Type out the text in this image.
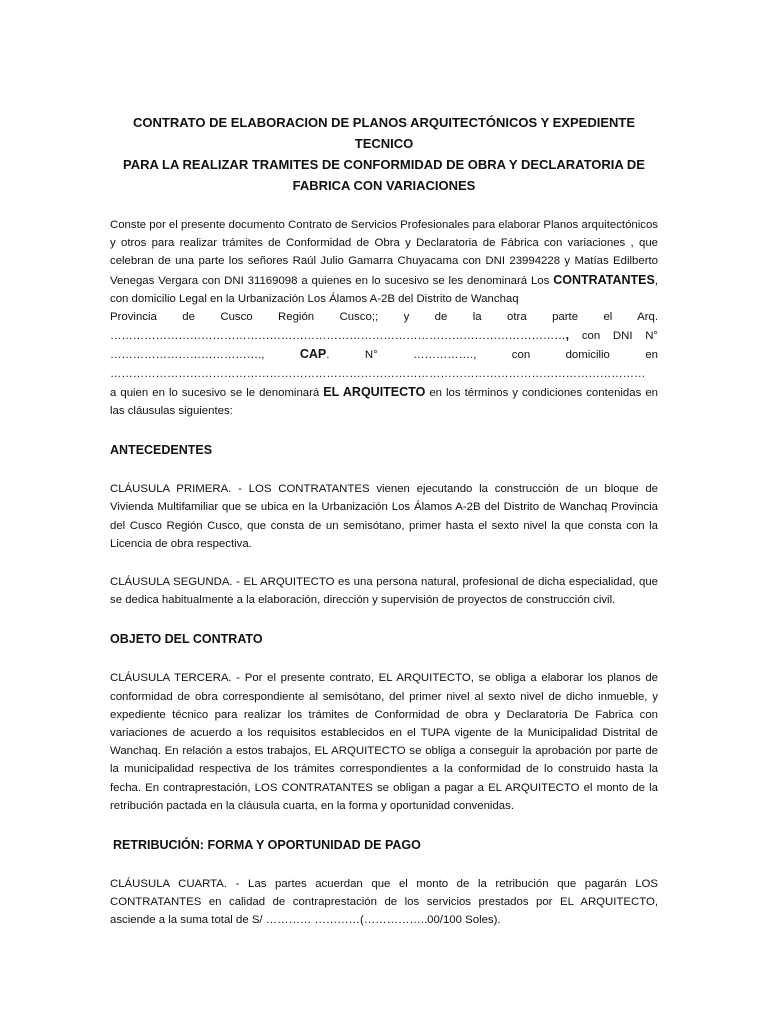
CONTRATO DE ELABORACION DE PLANOS ARQUITECTÓNICOS Y EXPEDIENTE TECNICO
PARA LA REALIZAR TRAMITES DE CONFORMIDAD DE OBRA Y DECLARATORIA DE
FABRICA CON VARIACIONES
Conste por el presente documento Contrato de Servicios Profesionales para elaborar Planos arquitectónicos y otros para realizar trámites de Conformidad de Obra y Declaratoria de Fábrica con variaciones , que celebran de una parte los señores Raúl Julio Gamarra Chuyacama con DNI 23994228 y Matías Edilberto Venegas Vergara con DNI 31169098 a quienes en lo sucesivo se les denominará Los CONTRATANTES, con domicilio Legal en la Urbanización Los Álamos A-2B del Distrito de Wanchaq
Provincia de Cusco Región Cusco;; y de la otra parte el Arq.
…………………………………………………………………………………………………………, con DNI N°
………………………………….,	CAP. N° ……………., con domicilio en
……………………………………………………………………………………………………………………………
a quien en lo sucesivo se le denominará EL ARQUITECTO en los términos y condiciones contenidas en las cláusulas siguientes:
ANTECEDENTES

CLÁUSULA PRIMERA. - LOS CONTRATANTES vienen ejecutando la construcción de un bloque de Vivienda Multifamiliar que se ubica en la Urbanización Los Álamos A-2B del Distrito de Wanchaq Provincia del Cusco Región Cusco, que consta de un semisótano, primer hasta el sexto nivel la que consta con la Licencia de obra respectiva.

CLÁUSULA SEGUNDA. - EL ARQUITECTO es una persona natural, profesional de dicha especialidad, que se dedica habitualmente a la elaboración, dirección y supervisión de proyectos de construcción civil.

OBJETO DEL CONTRATO

CLÁUSULA TERCERA. - Por el presente contrato, EL ARQUITECTO, se obliga a elaborar los planos de conformidad de obra correspondiente al semisótano, del primer nivel al sexto nivel de dicho inmueble, y expediente técnico para realizar los trámites de Conformidad de obra y Declaratoria De Fabrica con variaciones de acuerdo a los requisitos establecidos en el TUPA vigente de la Municipalidad Distrital de Wanchaq. En relación a estos trabajos, EL ARQUITECTO se obliga a conseguir la aprobación por parte de la municipalidad respectiva de los trámites correspondientes a la conformidad de lo construido hasta la fecha. En contraprestación, LOS CONTRATANTES se obligan a pagar a EL ARQUITECTO el monto de la retribución pactada en la cláusula cuarta, en la forma y oportunidad convenidas.

RETRIBUCIÓN: FORMA Y OPORTUNIDAD DE PAGO

CLÁUSULA CUARTA. - Las partes acuerdan que el monto de la retribución que pagarán LOS CONTRATANTES en calidad de contraprestación de los servicios prestados por EL ARQUITECTO, asciende a la suma total de S/ ………… …………(……………..00/100 Soles).
